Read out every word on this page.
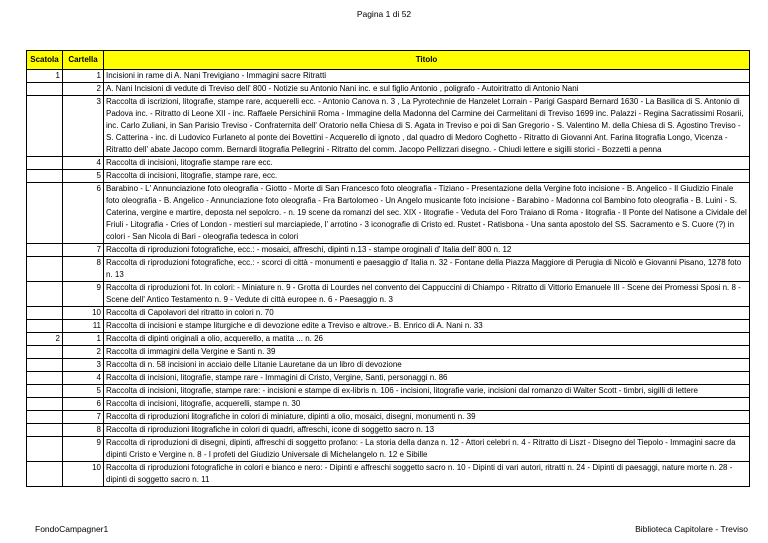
Pagina 1 di 52
Scatola	Cartella	Titolo
1	1	Incisioni in rame di A. Nani Trevigiano - Immagini sacre Ritratti
	2	A. Nani Incisioni di vedute di Treviso dell' 800 - Notizie su Antonio Nani inc. e sul figlio Antonio , poligrafo - Autoiritratto di Antonio Nani
	3	Raccolta di iscrizioni, litografie, stampe rare, acquerelli ecc. - Antonio Canova n. 3 , La Pyrotechnie de Hanzelet Lorrain - Parigi Gaspard Bernard 1630 - La Basilica di S. Antonio di Padova inc. - Ritratto di Leone XII - inc. Raffaele Persichinii Roma - Immagine della Madonna del Carmine dei Carmelitani di Treviso 1699 inc. Palazzi - Regina Sacratissimi Rosarii, inc. Carlo Zuliani, in San Parisio Treviso - Confraternita dell' Oratorio nella Chiesa di S. Agata in Treviso e poi di San Gregorio - S. Valentino M. della Chiesa di S. Agostino Treviso - S. Catterina - inc. di Ludovico Furlaneto al ponte dei Bovettini - Acquerello di ignoto , dal quadro di Medoro Coghetto - Ritratto di Giovanni Ant. Farina litografia Longo, Vicenza - Ritratto dell' abate Jacopo comm. Bernardi litografia Pellegrini - Ritratto del comm. Jacopo Pellizzari disegno. - Chiudi lettere e sigilli storici - Bozzetti a penna
	4	Raccolta di incisioni, litografie stampe rare ecc.
	5	Raccolta di incisioni, litografie, stampe rare, ecc.
	6	Barabino - L' Annunciazione foto oleografia - Giotto - Morte di San Francesco foto oleografia - Tiziano - Presentazione della Vergine foto incisione - B. Angelico - Il Giudizio Finale foto oleografia - B. Angelico - Annunciazione foto oleografia - Fra Bartolomeo - Un Angelo musicante foto incisione - Barabino - Madonna col Bambino foto oleografia - B. Luini - S. Caterina, vergine e martire, deposta nel sepolcro. - n. 19 scene da romanzi del sec. XIX - litografie - Veduta del Foro Traiano di Roma - litografia - Il Ponte del Natisone a Cividale del Friuli - Litografia - Cries of London - mestieri sul marciapiede, l' arrotino - 3 iconografie di Cristo ed. Rustet - Ratisbona - Una santa apostolo del SS. Sacramento e S. Cuore (?) in colori - San Nicola di Bari - oleografia tedesca in colori
	7	Raccolta di riproduzioni fotografiche, ecc.: - mosaici, affreschi, dipinti n.13 - stampe oroginali d' Italia dell' 800 n. 12
	8	Raccolta di riproduzioni fotografiche, ecc.: - scorci di città - monumenti e paesaggio d' Italia n. 32 - Fontane della Piazza Maggiore di Perugia di Nicolò e Giovanni Pisano, 1278 foto n. 13
	9	Raccolta di riproduzioni fot. In colori: - Miniature n. 9 - Grotta di Lourdes nel convento dei Cappuccini di Chiampo - Ritratto di Vittorio Emanuele III - Scene dei Promessi Sposi n. 8 - Scene dell' Antico Testamento n. 9 - Vedute di città europee n. 6 - Paesaggio n. 3
	10	Raccolta di Capolavori del ritratto in colori n. 70
	11	Raccolta di incisioni e stampe liturgiche e di devozione edite a Treviso e altrove.- B. Enrico di A. Nani n. 33
2	1	Raccolta di dipinti originali a olio, acquerello, a matita ... n. 26
	2	Raccolta di immagini della Vergine e Santi n. 39
	3	Raccolta di n. 58 incisioni in acciaio delle Litanie Lauretane da un libro di devozione
	4	Raccolta di incisioni, litografie, stampe rare - Immagini di Cristo, Vergine, Santi, personaggi n. 86
	5	Raccolta di incisioni, litografie, stampe rare: - incisioni e stampe di ex-libris n. 106 - incisioni, litografie varie, incisioni dal romanzo di Walter Scott - timbri, sigilli di lettere
	6	Raccolta di incisioni, litografie, acquerelli, stampe n. 30
	7	Raccolta di riproduzioni litografiche in colori di miniature, dipinti a olio, mosaici, disegni, monumenti n. 39
	8	Raccolta di riproduzioni litografiche in colori di quadri, affreschi, icone di soggetto sacro n. 13
	9	Raccolta di riproduzioni di disegni, dipinti, affreschi di soggetto profano: - La storia della danza n. 12 - Attori celebri n. 4 - Ritratto di Liszt - Disegno del Tiepolo - Immagini sacre da dipinti Cristo e Vergine n. 8 - I profeti del Giudizio Universale di Michelangelo n. 12 e Sibille
	10	Raccolta di riproduzioni fotografiche in colori e bianco e nero: - Dipinti e affreschi soggetto sacro n. 10 - Dipinti di vari autori, ritratti n. 24 - Dipinti di paesaggi, nature morte n. 28 - dipinti di soggetto sacro n. 11
FondoCampagner1	Biblioteca Capitolare - Treviso
